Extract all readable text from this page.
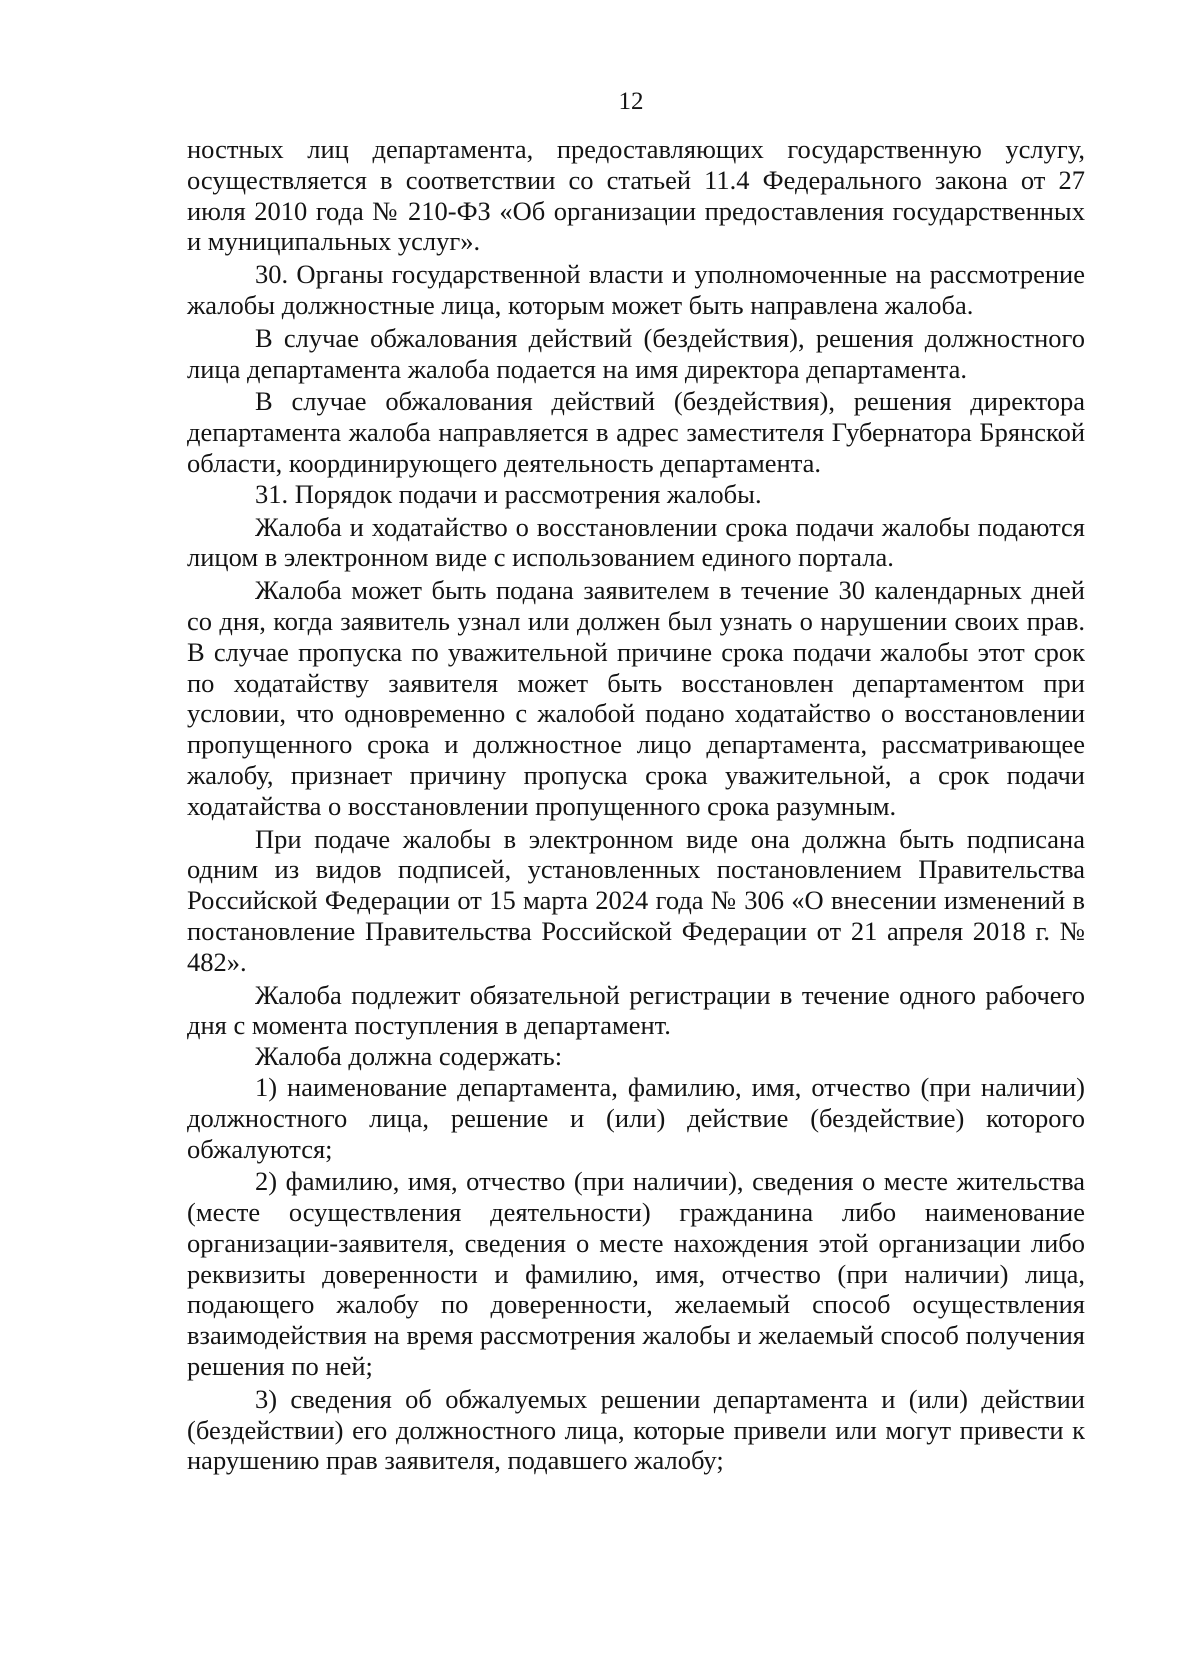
12

ностных лиц департамента, предоставляющих государственную услугу, осуществляется в соответствии со статьей 11.4 Федерального закона от 27 июля 2010 года № 210-ФЗ «Об организации предоставления государственных и муниципальных услуг».

30. Органы государственной власти и уполномоченные на рассмотрение жалобы должностные лица, которым может быть направлена жалоба.

В случае обжалования действий (бездействия), решения должностного лица департамента жалоба подается на имя директора департамента.

В случае обжалования действий (бездействия), решения директора департамента жалоба направляется в адрес заместителя Губернатора Брянской области, координирующего деятельность департамента.

31. Порядок подачи и рассмотрения жалобы.

Жалоба и ходатайство о восстановлении срока подачи жалобы подаются лицом в электронном виде с использованием единого портала.

Жалоба может быть подана заявителем в течение 30 календарных дней со дня, когда заявитель узнал или должен был узнать о нарушении своих прав. В случае пропуска по уважительной причине срока подачи жалобы этот срок по ходатайству заявителя может быть восстановлен департаментом при условии, что одновременно с жалобой подано ходатайство о восстановлении пропущенного срока и должностное лицо департамента, рассматривающее жалобу, признает причину пропуска срока уважительной, а срок подачи ходатайства о восстановлении пропущенного срока разумным.

При подаче жалобы в электронном виде она должна быть подписана одним из видов подписей, установленных постановлением Правительства Российской Федерации от 15 марта 2024 года № 306 «О внесении изменений в постановление Правительства Российской Федерации от 21 апреля 2018 г. № 482».

Жалоба подлежит обязательной регистрации в течение одного рабочего дня с момента поступления в департамент.

Жалоба должна содержать:

1) наименование департамента, фамилию, имя, отчество (при наличии) должностного лица, решение и (или) действие (бездействие) которого обжалуются;

2) фамилию, имя, отчество (при наличии), сведения о месте жительства (месте осуществления деятельности) гражданина либо наименование организации-заявителя, сведения о месте нахождения этой организации либо реквизиты доверенности и фамилию, имя, отчество (при наличии) лица, подающего жалобу по доверенности, желаемый способ осуществления взаимодействия на время рассмотрения жалобы и желаемый способ получения решения по ней;

3) сведения об обжалуемых решении департамента и (или) действии (бездействии) его должностного лица, которые привели или могут привести к нарушению прав заявителя, подавшего жалобу;
